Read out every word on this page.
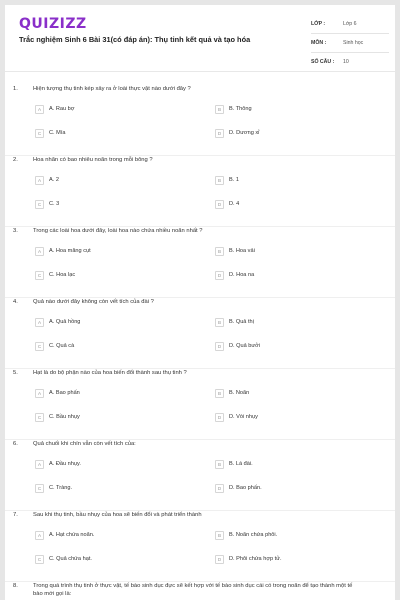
QUIZIZZ
Trắc nghiệm Sinh 6 Bài 31(có đáp án): Thụ tinh kết quả và tạo hóa
LỚP :	Lớp 6
MÔN :	Sinh học
SỐ CÂU :	10
1.	Hiện tượng thụ tinh kép xảy ra ở loài thực vật nào dưới đây ?
A	A. Rau bợ	B	B. Thông
C	C. Mía	D	D. Dương xỉ
2.	Hoa nhãn có bao nhiêu noãn trong mỗi bông ?
A	A. 2	B	B. 1
C	C. 3	D	D. 4
3.	Trong các loài hoa dưới đây, loài hoa nào chứa nhiều noãn nhất ?
A	A. Hoa măng cụt	B	B. Hoa vải
C	C. Hoa lạc	D	D. Hoa na
4.	Quả nào dưới đây không còn vết tích của đài ?
A	A. Quả hồng	B	B. Quả thị
C	C. Quả cà	D	D. Quả bưởi
5.	Hạt là do bộ phận nào của hoa biến đổi thành sau thụ tinh ?
A	A. Bao phấn	B	B. Noãn
C	C. Bầu nhụy	D	D. Vòi nhụy
6.	Quả chuối khi chín vẫn còn vết tích của:
A	A. Đầu nhụy.	B	B. Lá đài.
C	C. Tràng.	D	D. Bao phấn.
7.	Sau khi thụ tinh, bầu nhụy của hoa sẽ biến đổi và phát triển thành
A	A. Hạt chứa noãn.	B	B. Noãn chứa phôi.
C	C. Quả chứa hạt.	D	D. Phôi chứa hợp tử.
8.	Trong quá trình thụ tinh ở thực vật, tế bào sinh dục đực sẽ kết hợp với tế bào sinh dục cái có trong noãn để tạo thành một tế bào mới gọi là:
